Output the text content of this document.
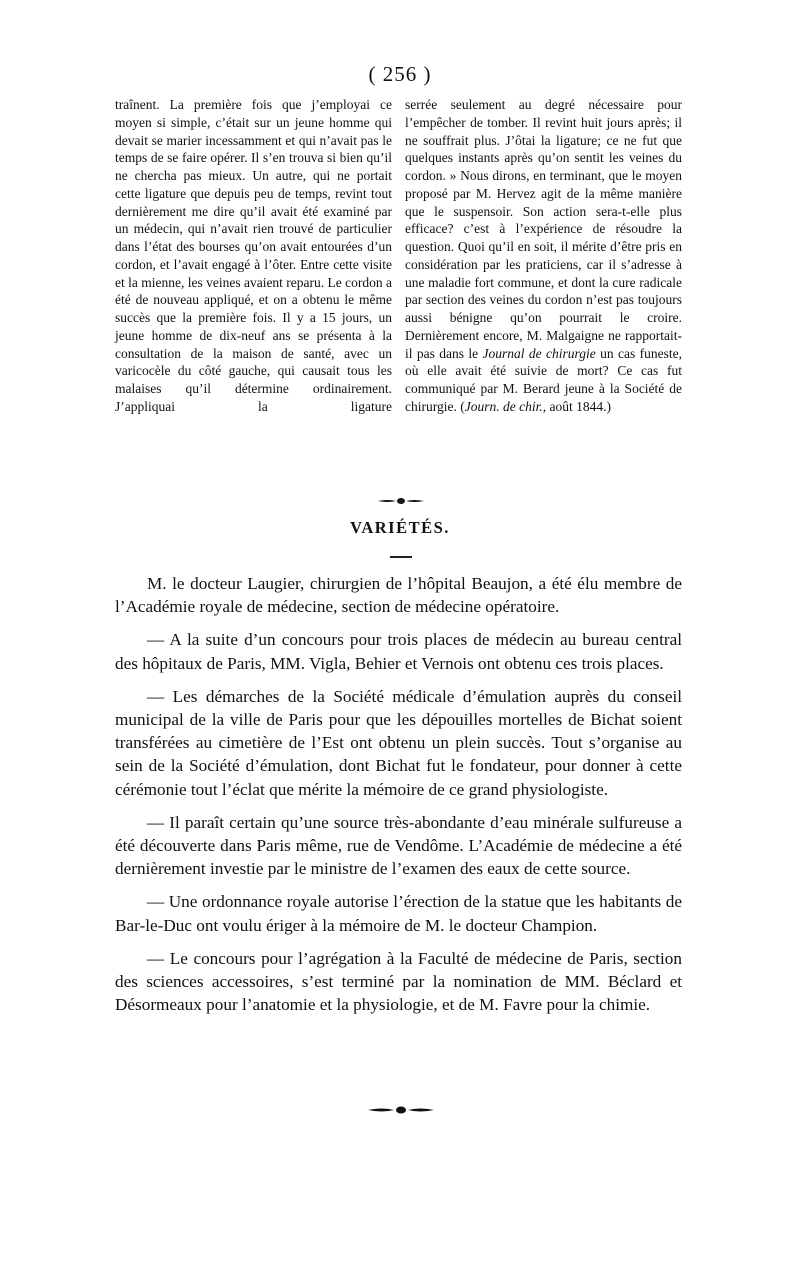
( 256 )

traînent. La première fois que j’employai ce moyen si simple, c’était sur un jeune homme qui devait se marier incessamment et qui n’avait pas le temps de se faire opérer. Il s’en trouva si bien qu’il ne chercha pas mieux. Un autre, qui ne portait cette ligature que depuis peu de temps, revint tout dernièrement me dire qu’il avait été examiné par un médecin, qui n’avait rien trouvé de particulier dans l’état des bourses qu’on avait entourées d’un cordon, et l’avait engagé à l’ôter. Entre cette visite et la mienne, les veines avaient reparu. Le cordon a été de nouveau appliqué, et on a obtenu le même succès que la première fois. Il y a 15 jours, un jeune homme de dix-neuf ans se présenta à la consultation de la maison de santé, avec un varicocèle du côté gauche, qui causait tous les malaises qu’il détermine ordinairement. J’appliquai la ligature

serrée seulement au degré nécessaire pour l’empêcher de tomber. Il revint huit jours après; il ne souffrait plus. J’ôtai la ligature; ce ne fut que quelques instants après qu’on sentit les veines du cordon. » Nous dirons, en terminant, que le moyen proposé par M. Hervez agit de la même manière que le suspensoir. Son action sera-t-elle plus efficace? c’est à l’expérience de résoudre la question. Quoi qu’il en soit, il mérite d’être pris en considération par les praticiens, car il s’adresse à une maladie fort commune, et dont la cure radicale par section des veines du cordon n’est pas toujours aussi bénigne qu’on pourrait le croire. Dernièrement encore, M. Malgaigne ne rapportait-il pas dans le Journal de chirurgie un cas funeste, où elle avait été suivie de mort? Ce cas fut communiqué par M. Berard jeune à la Société de chirurgie. (Journ. de chir., août 1844.)

VARIÉTÉS.

M. le docteur Laugier, chirurgien de l’hôpital Beaujon, a été élu membre de l’Académie royale de médecine, section de médecine opératoire.

— A la suite d’un concours pour trois places de médecin au bureau central des hôpitaux de Paris, MM. Vigla, Behier et Vernois ont obtenu ces trois places.

— Les démarches de la Société médicale d’émulation auprès du conseil municipal de la ville de Paris pour que les dépouilles mortelles de Bichat soient transférées au cimetière de l’Est ont obtenu un plein succès. Tout s’organise au sein de la Société d’émulation, dont Bichat fut le fondateur, pour donner à cette cérémonie tout l’éclat que mérite la mémoire de ce grand physiologiste.

— Il paraît certain qu’une source très-abondante d’eau minérale sulfureuse a été découverte dans Paris même, rue de Vendôme. L’Académie de médecine a été dernièrement investie par le ministre de l’examen des eaux de cette source.

— Une ordonnance royale autorise l’érection de la statue que les habitants de Bar-le-Duc ont voulu ériger à la mémoire de M. le docteur Champion.

— Le concours pour l’agrégation à la Faculté de médecine de Paris, section des sciences accessoires, s’est terminé par la nomination de MM. Béclard et Désormeaux pour l’anatomie et la physiologie, et de M. Favre pour la chimie.
